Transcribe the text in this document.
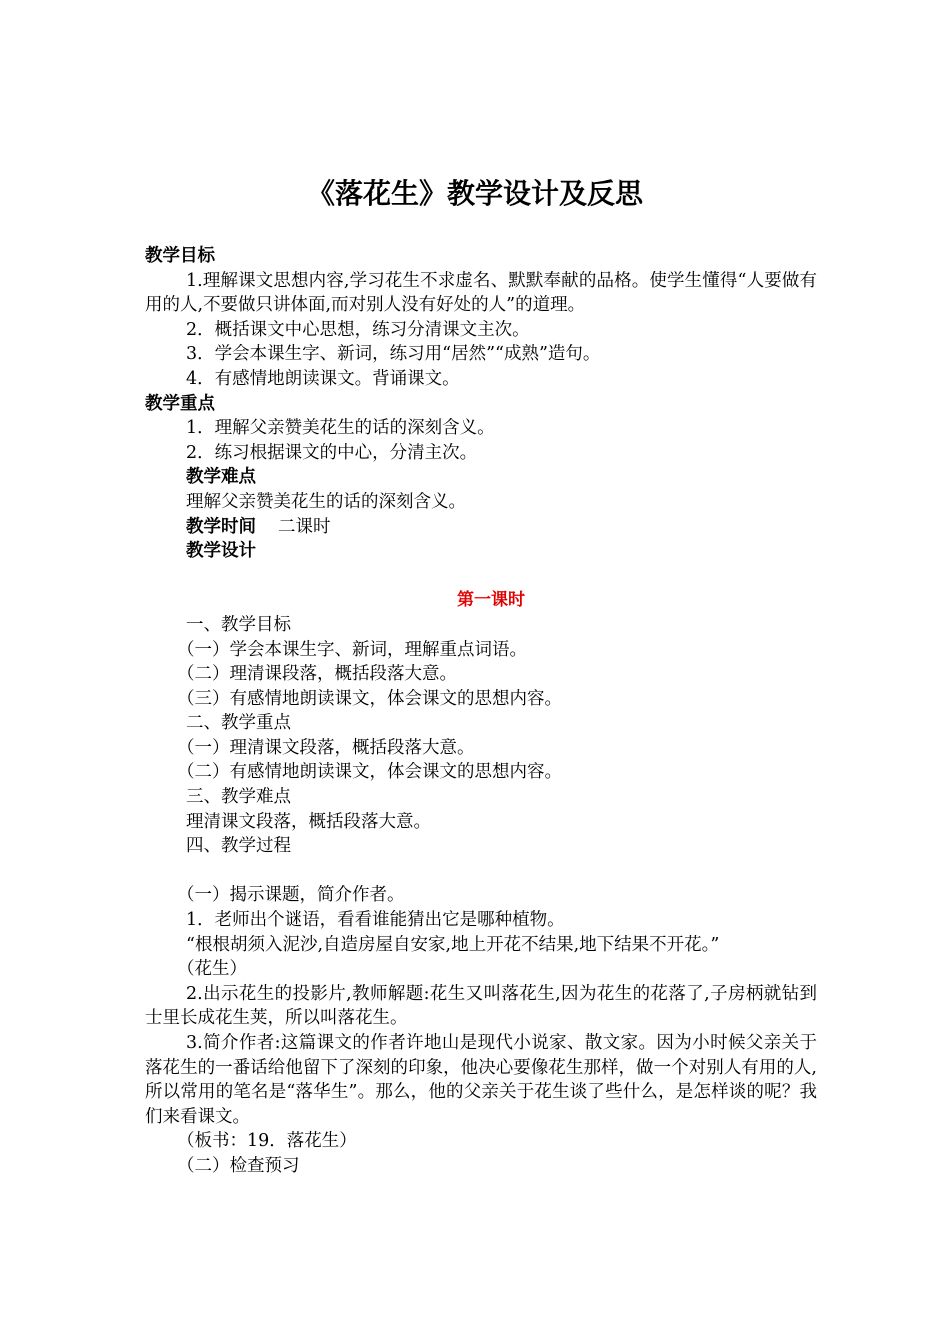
《落花生》教学设计及反思
教学目标
1.理解课文思想内容,学习花生不求虚名、默默奉献的品格。使学生懂得“人要做有用的人,不要做只讲体面,而对别人没有好处的人”的道理。
2．概括课文中心思想，练习分清课文主次。
3．学会本课生字、新词，练习用“居然”“成熟”造句。
4．有感情地朗读课文。背诵课文。
教学重点
1．理解父亲赞美花生的话的深刻含义。
2．练习根据课文的中心，分清主次。
教学难点
理解父亲赞美花生的话的深刻含义。
教学时间 二课时
教学设计
第一课时
一、教学目标
（一）学会本课生字、新词，理解重点词语。
（二）理清课段落，概括段落大意。
（三）有感情地朗读课文，体会课文的思想内容。
二、教学重点
（一）理清课文段落，概括段落大意。
（二）有感情地朗读课文，体会课文的思想内容。
三、教学难点
理清课文段落，概括段落大意。
四、教学过程
（一）揭示课题，简介作者。
1．老师出个谜语，看看谁能猜出它是哪种植物。
“根根胡须入泥沙,自造房屋自安家,地上开花不结果,地下结果不开花。”
（花生）
2.出示花生的投影片,教师解题:花生又叫落花生,因为花生的花落了,子房柄就钻到士里长成花生荚，所以叫落花生。
3.简介作者:这篇课文的作者许地山是现代小说家、散文家。因为小时候父亲关于落花生的一番话给他留下了深刻的印象，他决心要像花生那样，做一个对别人有用的人,所以常用的笔名是“落华生”。那么，他的父亲关于花生谈了些什么，是怎样谈的呢？我们来看课文。
（板书：19．落花生）
（二）检查预习
